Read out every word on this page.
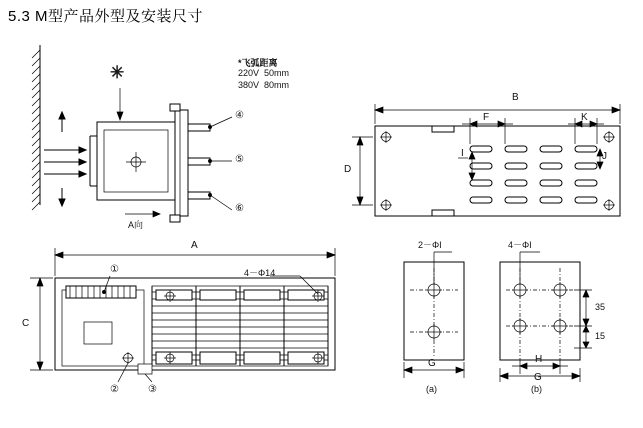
5.3 M型产品外型及安装尺寸
*飞弧距离
220V  50mm
380V  80mm
✳
④
⑤
⑥
A向
①
②	③
A
C
4－Φ14
B
F	K
D
I	J
2－ΦI	4－ΦI
G	H
G
35
15
(a)	(b)
